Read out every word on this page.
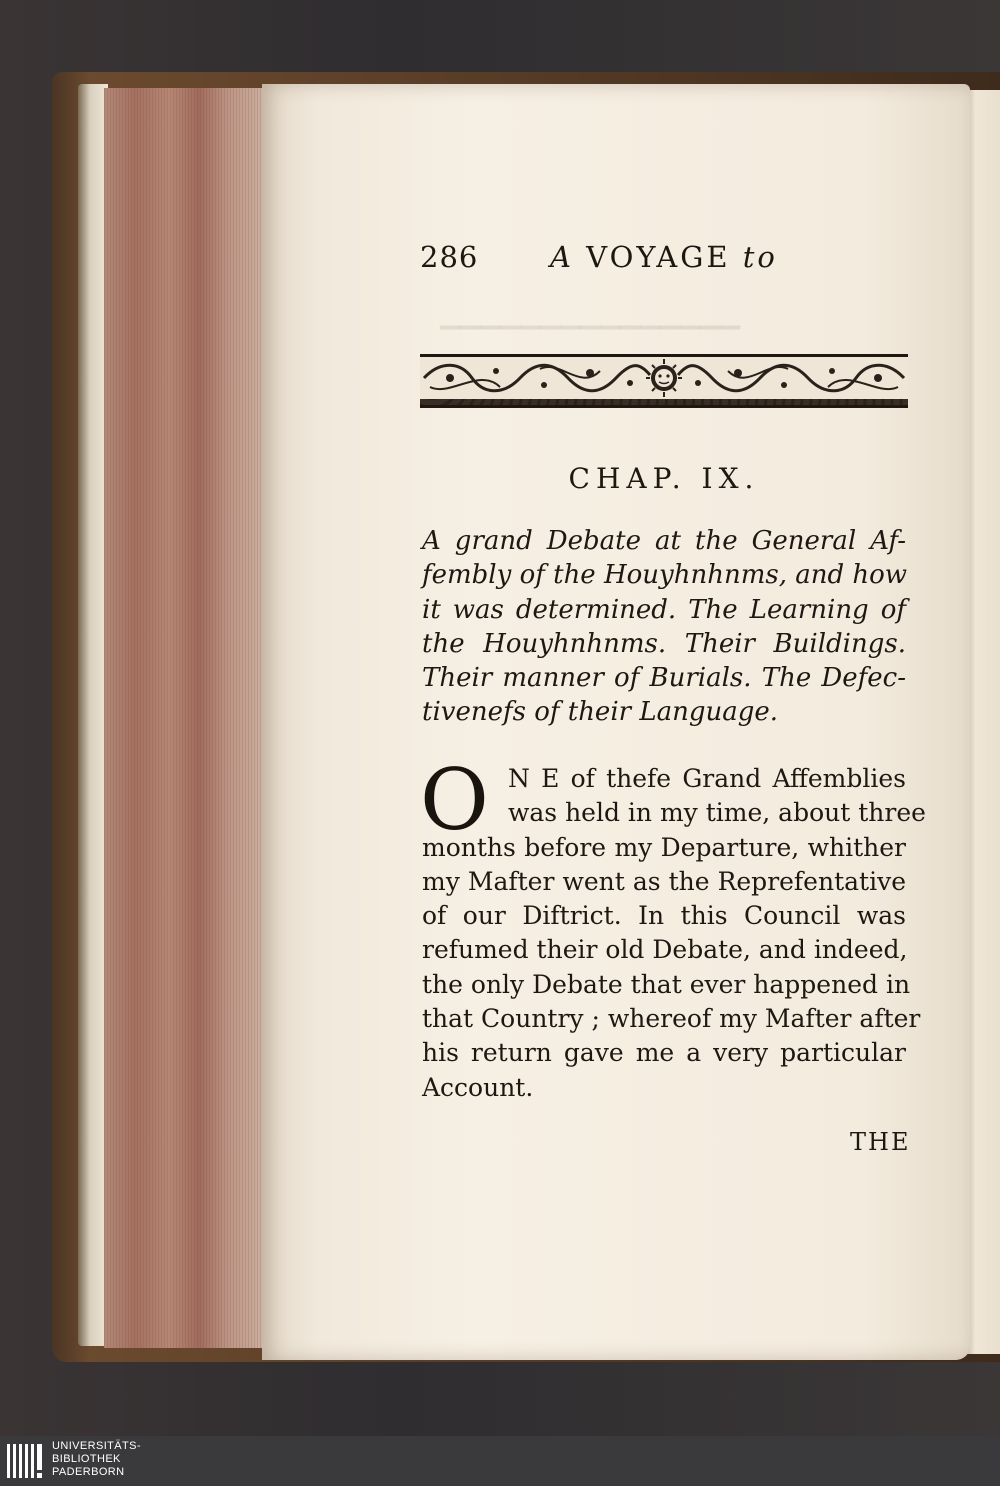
▁▁▁▁▁▁▁▁▁▁▁▁▁▁▁
286 A VOYAGE to
CHAP. IX.
A grand Debate at the General Af-
fembly of the Houyhnhnms, and how
it was determined. The Learning of
the Houyhnhnms. Their Buildings.
Their manner of Burials. The Defec-
tivenefs of their Language.
O N E of thefe Grand Affemblies
was held in my time, about three
months before my Departure, whither
my Mafter went as the Reprefentative
of our Diftrict. In this Council was
refumed their old Debate, and indeed,
the only Debate that ever happened in
that Country ; whereof my Mafter after
his return gave me a very particular
Account.
THE
UNIVERSITÄTS-
BIBLIOTHEK
PADERBORN
